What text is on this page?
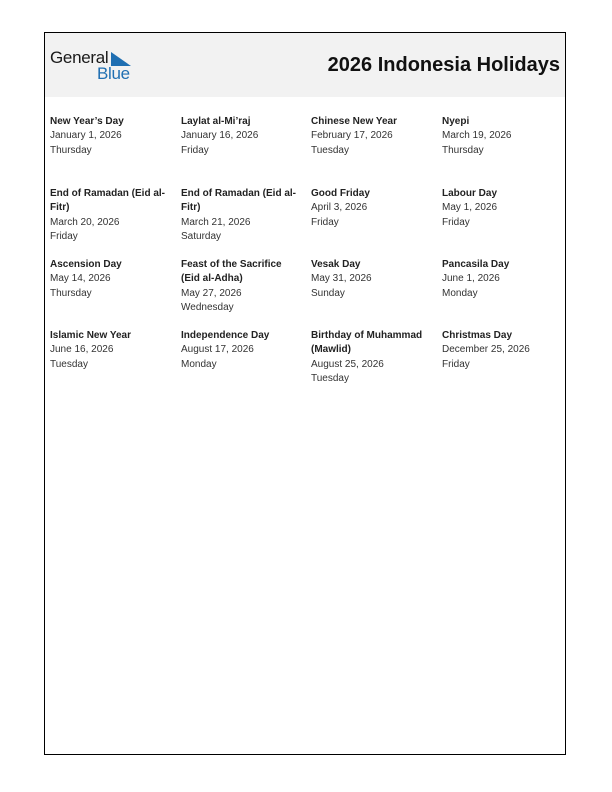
General
Blue	2026 Indonesia Holidays
New Year’s Day
January 1, 2026
Thursday
Laylat al-Mi’raj
January 16, 2026
Friday
Chinese New Year
February 17, 2026
Tuesday
Nyepi
March 19, 2026
Thursday
End of Ramadan (Eid al-Fitr)
March 20, 2026
Friday
End of Ramadan (Eid al-Fitr)
March 21, 2026
Saturday
Good Friday
April 3, 2026
Friday
Labour Day
May 1, 2026
Friday
Ascension Day
May 14, 2026
Thursday
Feast of the Sacrifice (Eid al-Adha)
May 27, 2026
Wednesday
Vesak Day
May 31, 2026
Sunday
Pancasila Day
June 1, 2026
Monday
Islamic New Year
June 16, 2026
Tuesday
Independence Day
August 17, 2026
Monday
Birthday of Muhammad (Mawlid)
August 25, 2026
Tuesday
Christmas Day
December 25, 2026
Friday
